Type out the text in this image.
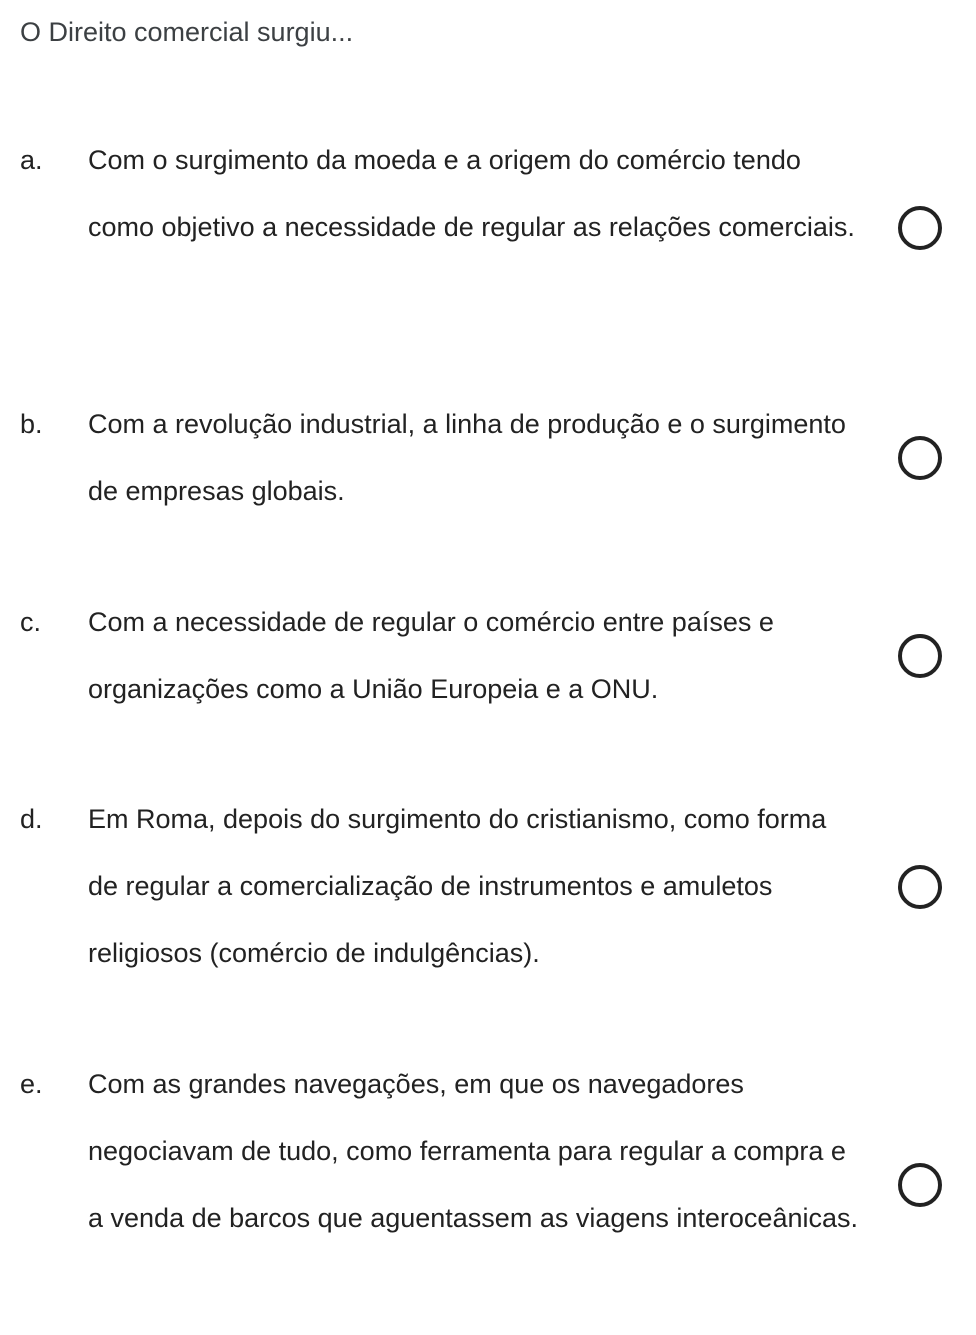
O Direito comercial surgiu...
a. Com o surgimento da moeda e a origem do comércio tendo como objetivo a necessidade de regular as relações comerciais.
b. Com a revolução industrial, a linha de produção e o surgimento de empresas globais.
c. Com a necessidade de regular o comércio entre países e organizações como a União Europeia e a ONU.
d. Em Roma, depois do surgimento do cristianismo, como forma de regular a comercialização de instrumentos e amuletos religiosos (comércio de indulgências).
e. Com as grandes navegações, em que os navegadores negociavam de tudo, como ferramenta para regular a compra e a venda de barcos que aguentassem as viagens interoceânicas.
